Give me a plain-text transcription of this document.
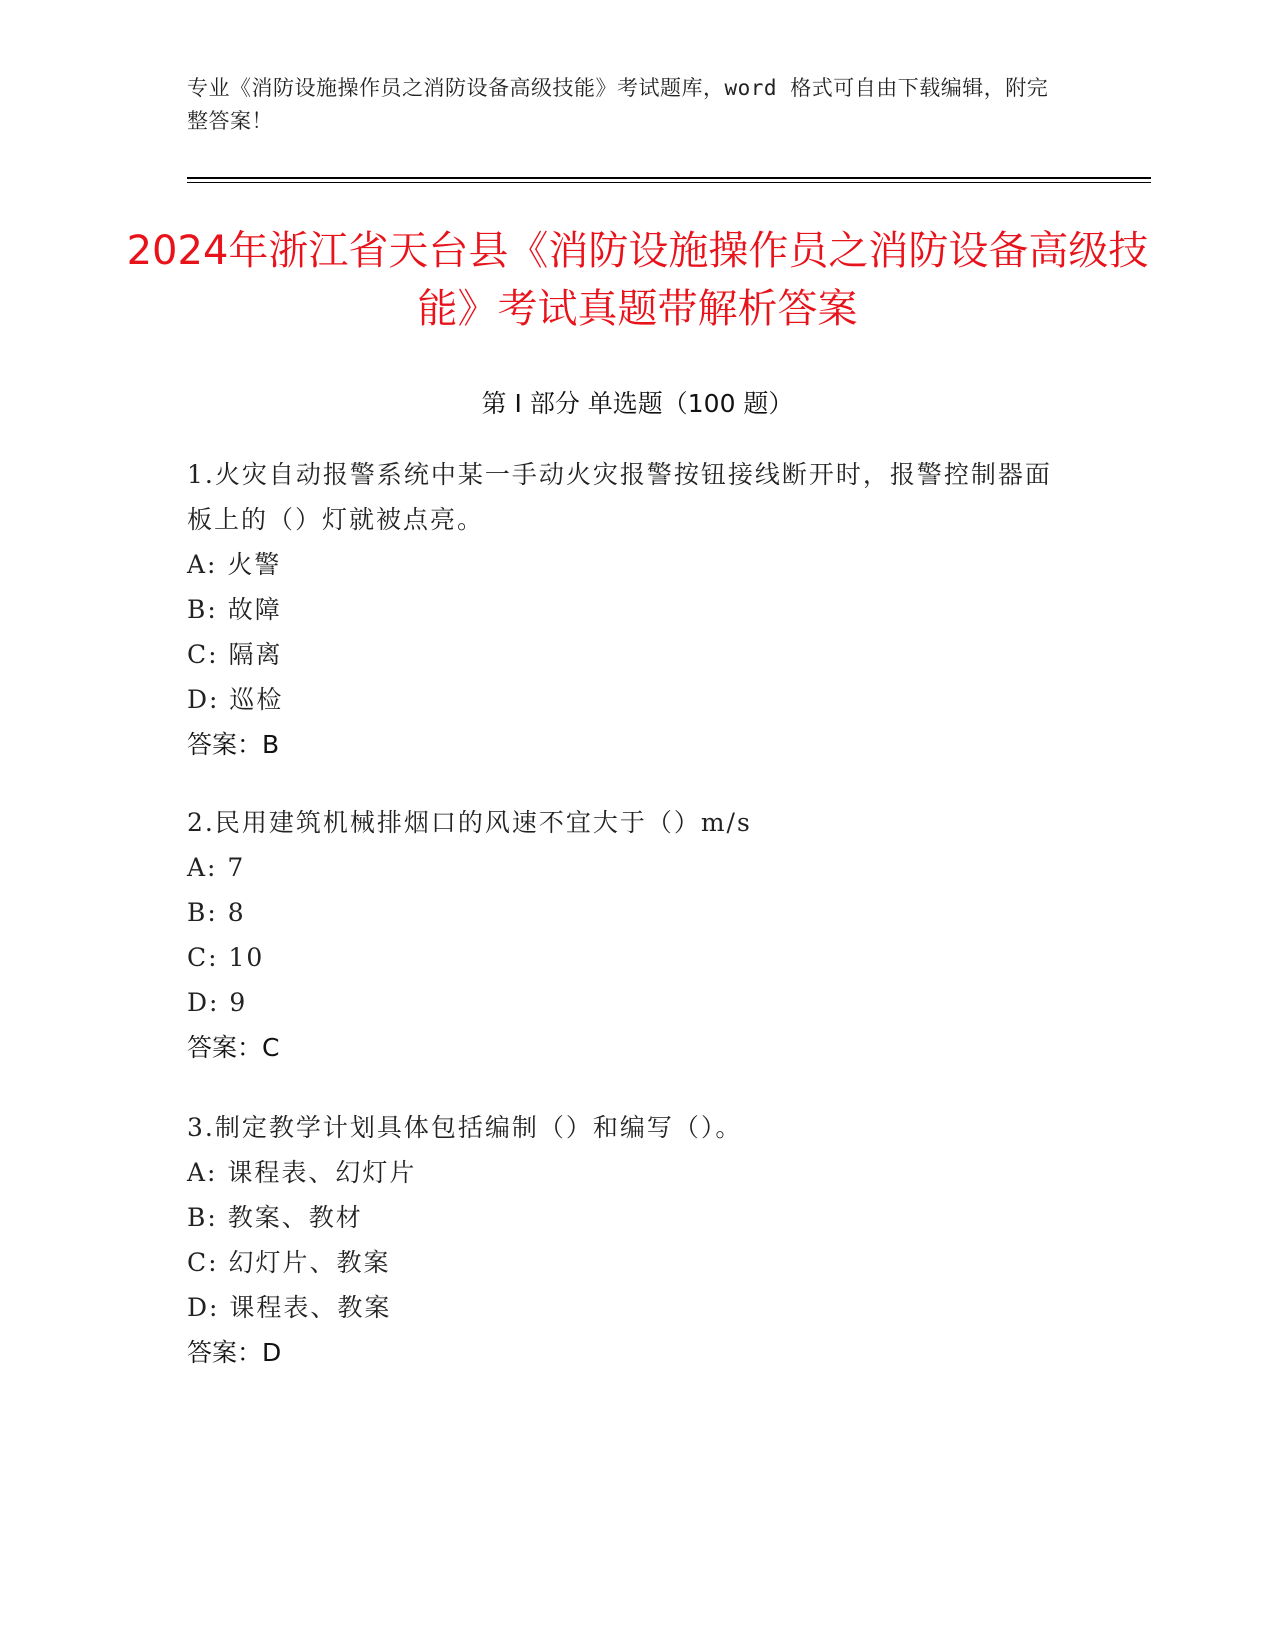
专业《消防设施操作员之消防设备高级技能》考试题库，word 格式可自由下载编辑，附完整答案！
2024年浙江省天台县《消防设施操作员之消防设备高级技能》考试真题带解析答案
第 I 部分 单选题（100 题）
1.火灾自动报警系统中某一手动火灾报警按钮接线断开时，报警控制器面板上的（）灯就被点亮。
A: 火警
B: 故障
C: 隔离
D: 巡检
答案：B
2.民用建筑机械排烟口的风速不宜大于（）m/s
A: 7
B: 8
C: 10
D: 9
答案：C
3.制定教学计划具体包括编制（）和编写（）。
A: 课程表、幻灯片
B: 教案、教材
C: 幻灯片、教案
D: 课程表、教案
答案：D
